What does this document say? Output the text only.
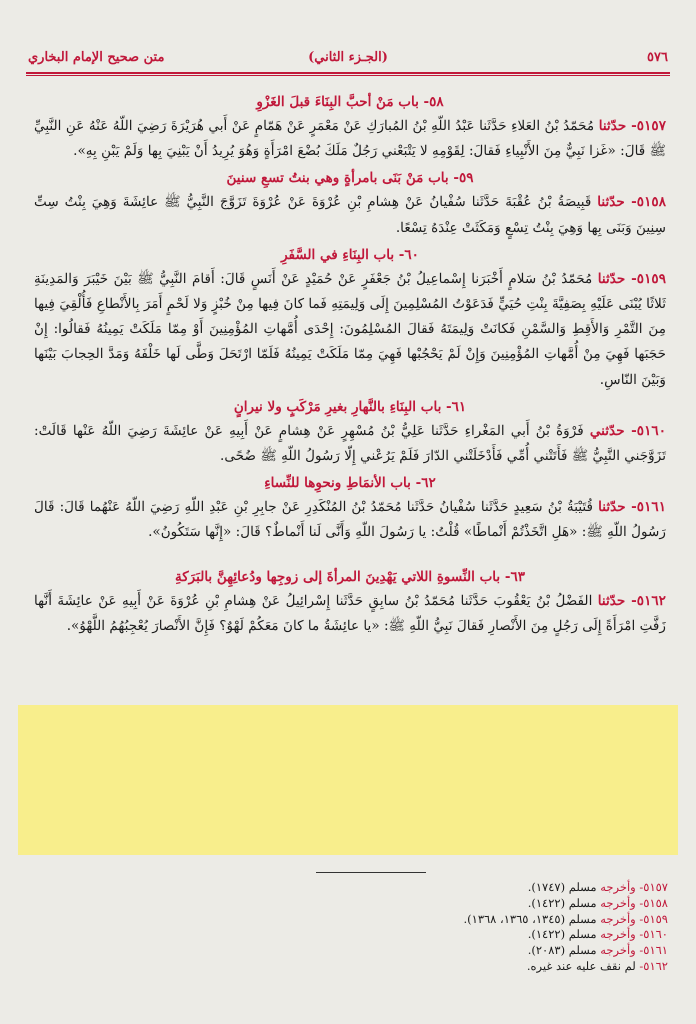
٥٧٦
(الجـزء الثاني)
متن صحيح الإمام البخاري
٥٨- باب مَنْ أحبَّ البِنَاءَ قبلَ الغَزْوِ

٥١٥٧- حدّثنا مُحَمّدُ بْنُ العَلاءِ حَدَّثَنا عَبْدُ اللّهِ بْنُ المُبارَكِ عَنْ مَعْمَرٍ عَنْ هَمّامٍ عَنْ أَبي هُرَيْرَةَ رَضِيَ اللّهُ عَنْهُ عَنِ النَّبِيِّ ﷺ قَالَ: «غَزا نَبِيٌّ مِنَ الأَنْبِياءِ فَقالَ: لِقَوْمِهِ لا يَتْبَعْني رَجُلٌ مَلَكَ بُضْعَ امْرَأَةٍ وَهُوَ يُرِيدُ أَنْ يَبْنِيَ بِها وَلَمْ يَبْنِ بِهِ».

٥٩- باب مَنْ بَنَى بامرأةٍ وهي بنتُ تسعِ سنينَ

٥١٥٨- حدّثنا قَبِيصَةُ بْنُ عُقْبَةَ حَدَّثَنا سُفْيانُ عَنْ هِشامِ بْنِ عُرْوَةَ عَنْ عُرْوَةَ تَزَوَّجَ النَّبِيُّ ﷺ عائِشَةَ وَهِيَ بِنْتُ سِتِّ سِنِينَ وَبَنَى بِها وَهِيَ بِنْتُ تِسْعٍ وَمَكَثَتْ عِنْدَهُ تِسْعًا.

٦٠- باب البِنَاءِ في السَّفَرِ

٥١٥٩- حدّثنا مُحَمّدُ بْنُ سَلامٍ أَخْبَرَنا إِسْماعِيلُ بْنُ جَعْفَرٍ عَنْ حُمَيْدٍ عَنْ أَنَسٍ قَالَ: أَقامَ النَّبِيُّ ﷺ بَيْنَ خَيْبَرَ وَالمَدِينَةِ ثَلاثًا يُبْنَى عَلَيْهِ بِصَفِيَّةَ بِنْتِ حُيَيٍّ فَدَعَوْتُ المُسْلِمِينَ إِلَى وَلِيمَتِهِ فَما كانَ فِيها مِنْ خُبْزٍ وَلا لَحْمٍ أَمَرَ بِالأَنْطاعِ فَأُلْقِيَ فِيها مِنَ التَّمْرِ وَالأَقِطِ وَالسَّمْنِ فَكانَتْ وَلِيمَتَهُ فَقالَ المُسْلِمُونَ: إِحْدَى أُمَّهاتِ المُؤْمِنِينَ أَوْ مِمّا مَلَكَتْ يَمِينُهُ فَقالُوا: إِنْ حَجَبَها فَهِيَ مِنْ أُمَّهاتِ المُؤْمِنِينَ وَإِنْ لَمْ يَحْجُبْها فَهِيَ مِمّا مَلَكَتْ يَمِينُهُ فَلَمّا ارْتَحَلَ وَطَّى لَها خَلْفَهُ وَمَدَّ الحِجابَ بَيْنَها وَبَيْنَ النّاسِ.

٦١- باب البِنَاءِ بالنَّهارِ بغيرِ مَرْكَبٍ ولا نيرانٍ

٥١٦٠- حدّثني فَرْوَةُ بْنُ أَبي المَغْراءِ حَدَّثَنا عَلِيُّ بْنُ مُسْهِرٍ عَنْ هِشامٍ عَنْ أَبِيهِ عَنْ عائِشَةَ رَضِيَ اللّهُ عَنْها قَالَتْ: تَزَوَّجَني النَّبِيُّ ﷺ فَأَتَتْني أُمِّي فَأَدْخَلَتْني الدّارَ فَلَمْ يَرُعْني إِلّا رَسُولُ اللّهِ ﷺ ضُحًى.

٦٢- باب الأنمَاطِ ونحوِها للنِّساءِ

٥١٦١- حدّثنا قُتَيْبَةُ بْنُ سَعِيدٍ حَدَّثَنا سُفْيانُ حَدَّثَنا مُحَمّدُ بْنُ المُنْكَدِرِ عَنْ جابِرِ بْنِ عَبْدِ اللّهِ رَضِيَ اللّهُ عَنْهُما قَالَ: قَالَ رَسُولُ اللّهِ ﷺ: «هَلِ اتَّخَذْتُمْ أَنْماطًا» قُلْتُ: يا رَسُولَ اللّهِ وَأَنَّى لَنا أَنْماطٌ؟ قَالَ: «إِنَّها سَتَكُونُ».

٦٣- باب النِّسوةِ اللاتي يَهْدِينَ المرأةَ إلى زوجِها ودُعائِهِنَّ بالبَرَكةِ

٥١٦٢- حدّثنا الفَضْلُ بْنُ يَعْقُوبَ حَدَّثَنا مُحَمّدُ بْنُ سابِقٍ حَدَّثَنا إِسْرائِيلُ عَنْ هِشامِ بْنِ عُرْوَةَ عَنْ أَبِيهِ عَنْ عائِشَةَ أَنَّها زَفَّتِ امْرَأَةً إِلَى رَجُلٍ مِنَ الأَنْصارِ فَقالَ نَبِيُّ اللّهِ ﷺ: «يا عائِشَةُ ما كانَ مَعَكُمْ لَهْوٌ؟ فَإِنَّ الأَنْصارَ يُعْجِبُهُمُ اللَّهْوُ».

٥١٥٧- وأخرجه مسلم (١٧٤٧).
٥١٥٨- وأخرجه مسلم (١٤٢٢).
٥١٥٩- وأخرجه مسلم (١٣٤٥، ١٣٦٥، ١٣٦٨).
٥١٦٠- وأخرجه مسلم (١٤٢٢).
٥١٦١- وأخرجه مسلم (٢٠٨٣).
٥١٦٢- لم نقف عليه عند غيره.
